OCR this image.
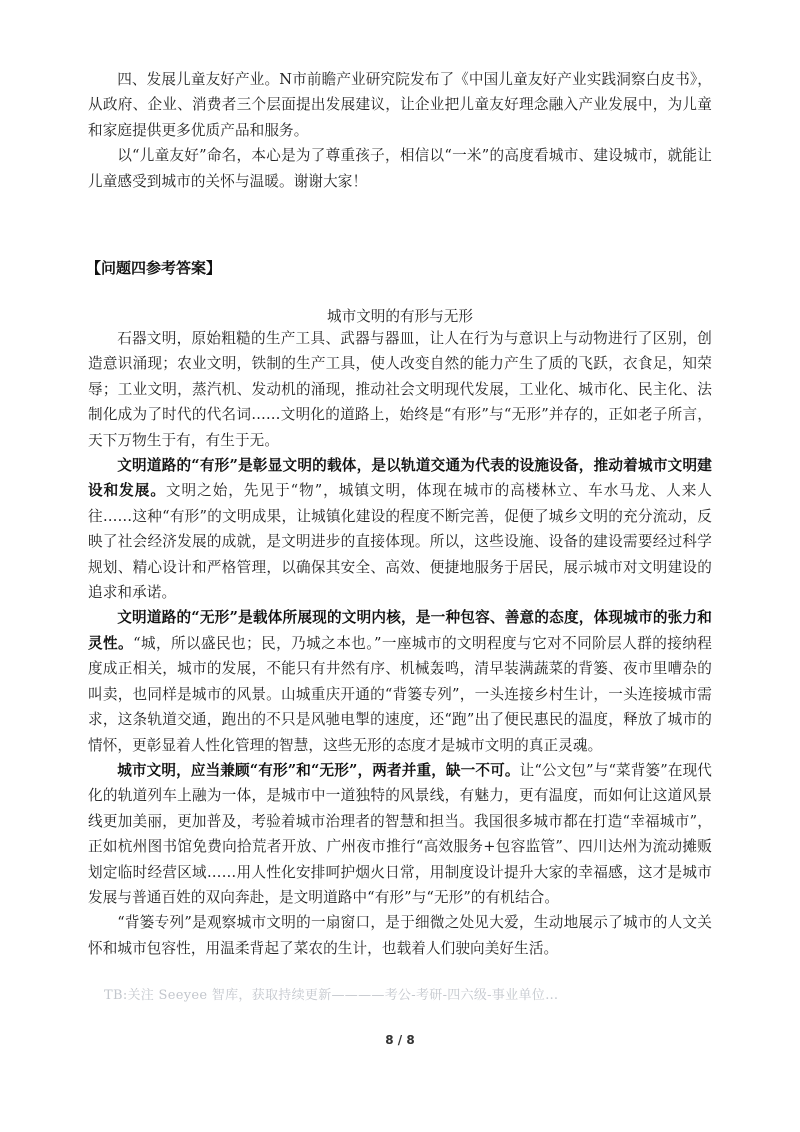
四、发展儿童友好产业。N市前瞻产业研究院发布了《中国儿童友好产业实践洞察白皮书》，从政府、企业、消费者三个层面提出发展建议，让企业把儿童友好理念融入产业发展中，为儿童和家庭提供更多优质产品和服务。

以“儿童友好”命名，本心是为了尊重孩子，相信以“一米”的高度看城市、建设城市，就能让儿童感受到城市的关怀与温暖。谢谢大家！

【问题四参考答案】
城市文明的有形与无形

石器文明，原始粗糙的生产工具、武器与器皿，让人在行为与意识上与动物进行了区别，创造意识涌现；农业文明，铁制的生产工具，使人改变自然的能力产生了质的飞跃，衣食足，知荣辱；工业文明，蒸汽机、发动机的涌现，推动社会文明现代发展，工业化、城市化、民主化、法制化成为了时代的代名词……文明化的道路上，始终是“有形”与“无形”并存的，正如老子所言，天下万物生于有，有生于无。

文明道路的“有形”是彰显文明的载体，是以轨道交通为代表的设施设备，推动着城市文明建设和发展。文明之始，先见于“物”，城镇文明，体现在城市的高楼林立、车水马龙、人来人往……这种“有形”的文明成果，让城镇化建设的程度不断完善，促便了城乡文明的充分流动，反映了社会经济发展的成就，是文明进步的直接体现。所以，这些设施、设备的建设需要经过科学规划、精心设计和严格管理，以确保其安全、高效、便捷地服务于居民，展示城市对文明建设的追求和承诺。

文明道路的“无形”是载体所展现的文明内核，是一种包容、善意的态度，体现城市的张力和灵性。“城，所以盛民也；民，乃城之本也。”一座城市的文明程度与它对不同阶层人群的接纳程度成正相关，城市的发展，不能只有井然有序、机械轰鸣，清早装满蔬菜的背篓、夜市里嘈杂的叫卖，也同样是城市的风景。山城重庆开通的“背篓专列”，一头连接乡村生计，一头连接城市需求，这条轨道交通，跑出的不只是风驰电掣的速度，还“跑”出了便民惠民的温度，释放了城市的情怀，更彰显着人性化管理的智慧，这些无形的态度才是城市文明的真正灵魂。

城市文明，应当兼顾“有形”和“无形”，两者并重，缺一不可。让“公文包”与“菜背篓”在现代化的轨道列车上融为一体，是城市中一道独特的风景线，有魅力，更有温度，而如何让这道风景线更加美丽，更加普及，考验着城市治理者的智慧和担当。我国很多城市都在打造“幸福城市”，正如杭州图书馆免费向拾荒者开放、广州夜市推行“高效服务+包容监管”、四川达州为流动摊贩划定临时经营区域……用人性化安排呵护烟火日常，用制度设计提升大家的幸福感，这才是城市发展与普通百姓的双向奔赴，是文明道路中“有形”与“无形”的有机结合。

“背篓专列”是观察城市文明的一扇窗口，是于细微之处见大爱，生动地展示了城市的人文关怀和城市包容性，用温柔背起了菜农的生计，也载着人们驶向美好生活。

TB:关注 Seeyee 智库，获取持续更新————考公-考研-四六级-事业单位…
8 / 8
